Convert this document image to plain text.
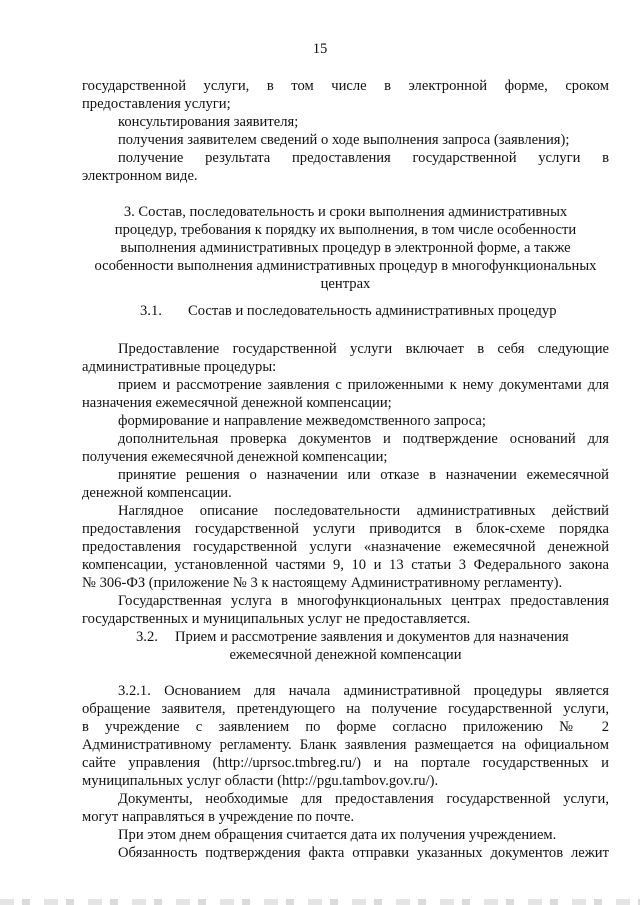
15
государственной услуги, в том числе в электронной форме, сроком
предоставления услуги;
консультирования заявителя;
получения заявителем сведений о ходе выполнения запроса (заявления);
получение результата предоставления государственной услуги в
электронном виде.
3. Состав, последовательность и сроки выполнения административных
процедур, требования к порядку их выполнения, в том числе особенности
выполнения административных процедур в электронной форме, а также
особенности выполнения административных процедур в многофункциональных
центрах
3.1. Состав и последовательность административных процедур
Предоставление государственной услуги включает в себя следующие
административные процедуры:
прием и рассмотрение заявления с приложенными к нему документами для
назначения ежемесячной денежной компенсации;
формирование и направление межведомственного запроса;
дополнительная проверка документов и подтверждение оснований для
получения ежемесячной денежной компенсации;
принятие решения о назначении или отказе в назначении ежемесячной
денежной компенсации.
Наглядное описание последовательности административных действий
предоставления государственной услуги приводится в блок-схеме порядка
предоставления государственной услуги «назначение ежемесячной денежной
компенсации, установленной частями 9, 10 и 13 статьи 3 Федерального закона
№ 306-ФЗ (приложение № 3 к настоящему Административному регламенту).
Государственная услуга в многофункциональных центрах предоставления
государственных и муниципальных услуг не предоставляется.
3.2. Прием и рассмотрение заявления и документов для назначения
ежемесячной денежной компенсации
3.2.1. Основанием для начала административной процедуры является
обращение заявителя, претендующего на получение государственной услуги,
в учреждение с заявлением по форме согласно приложению № 2
Административному регламенту. Бланк заявления размещается на официальном
сайте управления (http://uprsoc.tmbreg.ru/) и на портале государственных и
муниципальных услуг области (http://pgu.tambov.gov.ru/).
Документы, необходимые для предоставления государственной услуги,
могут направляться в учреждение по почте.
При этом днем обращения считается дата их получения учреждением.
Обязанность подтверждения факта отправки указанных документов лежит
